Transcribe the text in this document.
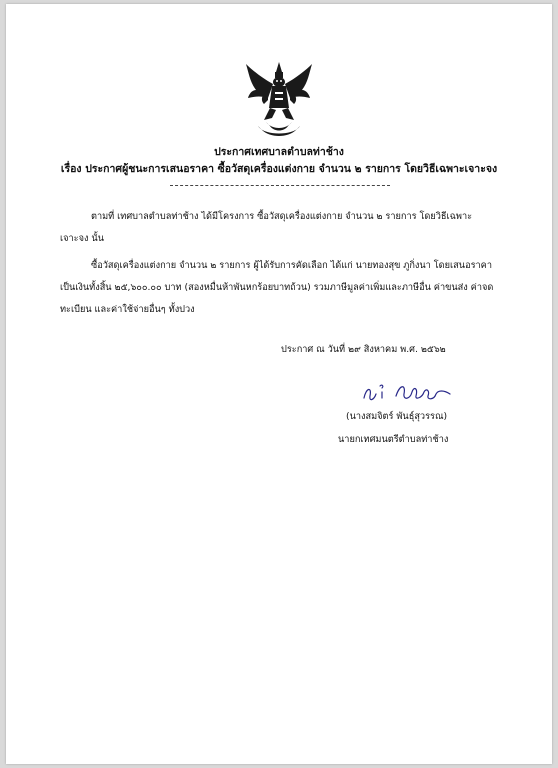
ประกาศเทศบาลตำบลท่าช้าง
เรื่อง ประกาศผู้ชนะการเสนอราคา ซื้อวัสดุเครื่องแต่งกาย จำนวน ๒ รายการ โดยวิธีเฉพาะเจาะจง
ตามที่ เทศบาลตำบลท่าช้าง ได้มีโครงการ ซื้อวัสดุเครื่องแต่งกาย จำนวน ๒ รายการ โดยวิธีเฉพาะ
เจาะจง นั้น
ซื้อวัสดุเครื่องแต่งกาย จำนวน ๒ รายการ ผู้ได้รับการคัดเลือก ได้แก่ นายทองสุข ภูกิ่งนา โดยเสนอราคา
เป็นเงินทั้งสิ้น ๒๕,๖๐๐.๐๐ บาท (สองหมื่นห้าพันหกร้อยบาทถ้วน) รวมภาษีมูลค่าเพิ่มและภาษีอื่น ค่าขนส่ง ค่าจด
ทะเบียน และค่าใช้จ่ายอื่นๆ ทั้งปวง
ประกาศ ณ วันที่ ๒๙ สิงหาคม พ.ศ. ๒๕๖๒
(นางสมจิตร์ พันธุ์สุวรรณ)
นายกเทศมนตรีตำบลท่าช้าง
